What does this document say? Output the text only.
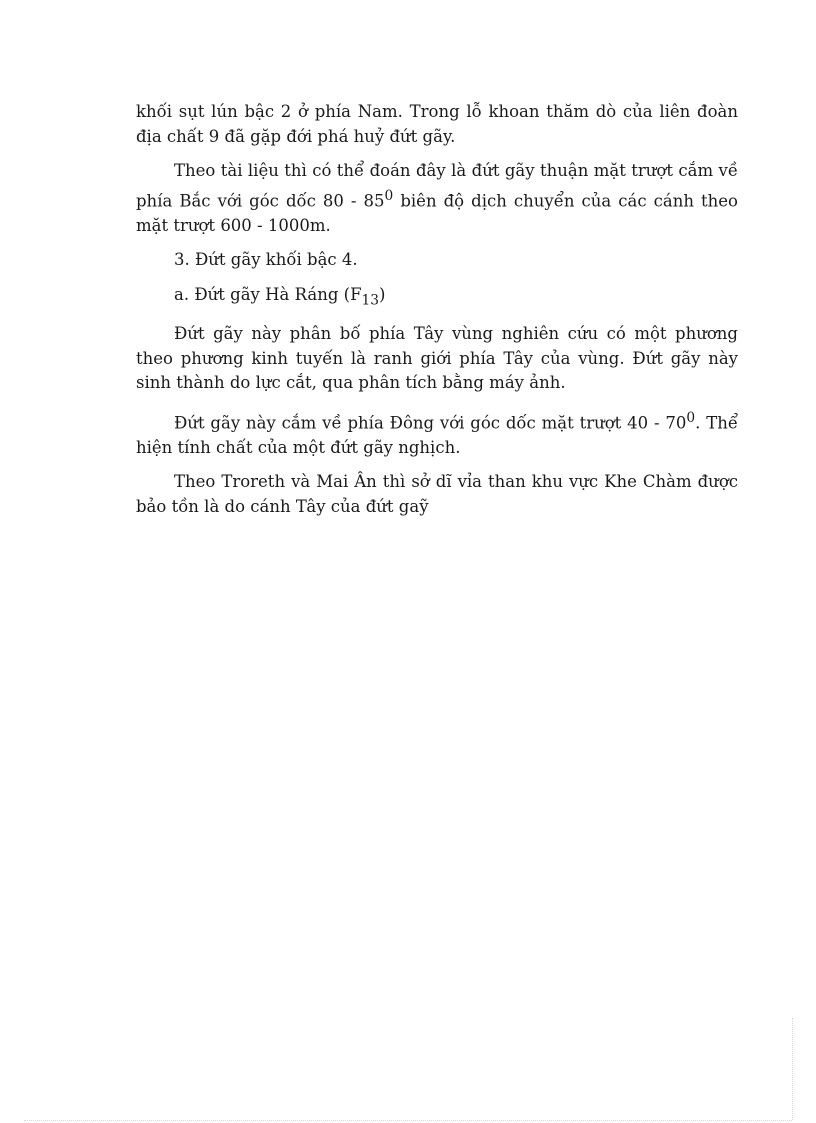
khối sụt lún bậc 2 ở phía Nam. Trong lỗ khoan thăm dò của liên đoàn địa chất 9 đã gặp đới phá huỷ đứt gãy.

Theo tài liệu thì có thể đoán đây là đứt gãy thuận mặt trượt cắm về phía Bắc với góc dốc $80 - 85^0$ biên độ dịch chuyển của các cánh theo mặt trượt 600 - 1000m.

3. Đứt gãy khối bậc 4.

a. Đứt gãy Hà Ráng $(F_{13})$

Đứt gãy này phân bố phía Tây vùng nghiên cứu có một phương theo phương kinh tuyến là ranh giới phía Tây của vùng. Đứt gãy này sinh thành do lực cắt, qua phân tích bằng máy ảnh.

Đứt gãy này cắm về phía Đông với góc dốc mặt trượt $40 - 70^0$. Thể hiện tính chất của một đứt gãy nghịch.

Theo Troreth và Mai Ân thì sở dĩ vỉa than khu vực Khe Chàm được bảo tồn là do cánh Tây của đứt gaỹ
